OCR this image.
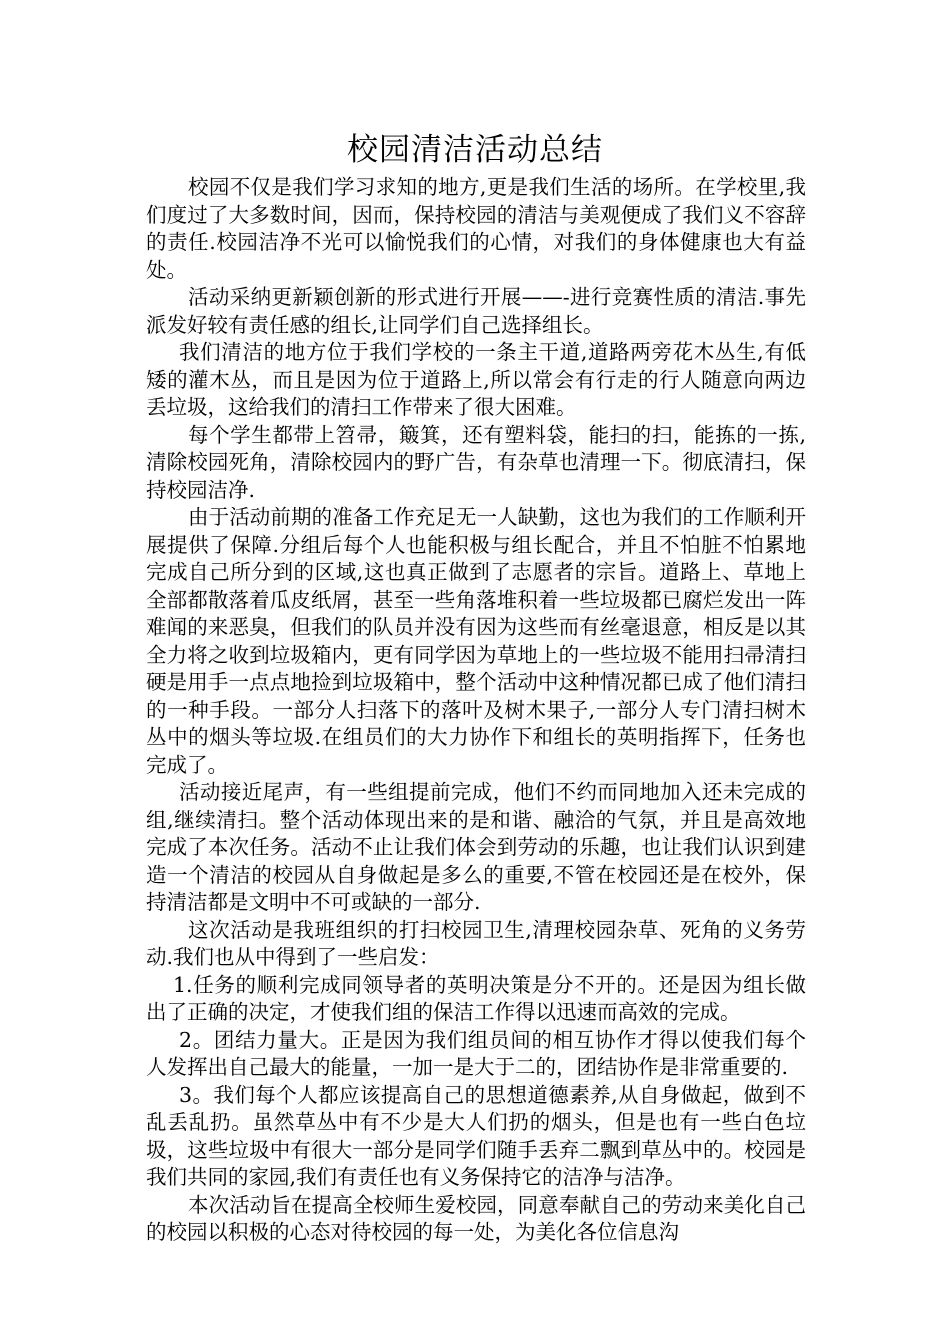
校园清洁活动总结

校园不仅是我们学习求知的地方,更是我们生活的场所。在学校里,我们度过了大多数时间，因而，保持校园的清洁与美观便成了我们义不容辞的责任.校园洁净不光可以愉悦我们的心情，对我们的身体健康也大有益处。

活动采纳更新颖创新的形式进行开展——-进行竞赛性质的清洁.事先派发好较有责任感的组长,让同学们自己选择组长。

我们清洁的地方位于我们学校的一条主干道,道路两旁花木丛生,有低矮的灌木丛，而且是因为位于道路上,所以常会有行走的行人随意向两边丢垃圾，这给我们的清扫工作带来了很大困难。

每个学生都带上笤帚，簸箕，还有塑料袋，能扫的扫，能拣的一拣,清除校园死角，清除校园内的野广告，有杂草也清理一下。彻底清扫，保持校园洁净.

由于活动前期的准备工作充足无一人缺勤，这也为我们的工作顺利开展提供了保障.分组后每个人也能积极与组长配合，并且不怕脏不怕累地完成自己所分到的区域,这也真正做到了志愿者的宗旨。道路上、草地上全部都散落着瓜皮纸屑，甚至一些角落堆积着一些垃圾都已腐烂发出一阵难闻的来恶臭，但我们的队员并没有因为这些而有丝毫退意，相反是以其全力将之收到垃圾箱内，更有同学因为草地上的一些垃圾不能用扫帚清扫硬是用手一点点地捡到垃圾箱中，整个活动中这种情况都已成了他们清扫的一种手段。一部分人扫落下的落叶及树木果子,一部分人专门清扫树木丛中的烟头等垃圾.在组员们的大力协作下和组长的英明指挥下，任务也完成了。

活动接近尾声，有一些组提前完成，他们不约而同地加入还未完成的组,继续清扫。整个活动体现出来的是和谐、融洽的气氛，并且是高效地完成了本次任务。活动不止让我们体会到劳动的乐趣，也让我们认识到建造一个清洁的校园从自身做起是多么的重要,不管在校园还是在校外，保持清洁都是文明中不可或缺的一部分.

这次活动是我班组织的打扫校园卫生,清理校园杂草、死角的义务劳动.我们也从中得到了一些启发：

1.任务的顺利完成同领导者的英明决策是分不开的。还是因为组长做出了正确的决定，才使我们组的保洁工作得以迅速而高效的完成。

2。团结力量大。正是因为我们组员间的相互协作才得以使我们每个人发挥出自己最大的能量，一加一是大于二的，团结协作是非常重要的.

3。我们每个人都应该提高自己的思想道德素养,从自身做起，做到不乱丢乱扔。虽然草丛中有不少是大人们扔的烟头，但是也有一些白色垃圾，这些垃圾中有很大一部分是同学们随手丢弃二飘到草丛中的。校园是我们共同的家园,我们有责任也有义务保持它的洁净与洁净。

本次活动旨在提高全校师生爱校园，同意奉献自己的劳动来美化自己的校园以积极的心态对待校园的每一处，为美化各位信息沟
